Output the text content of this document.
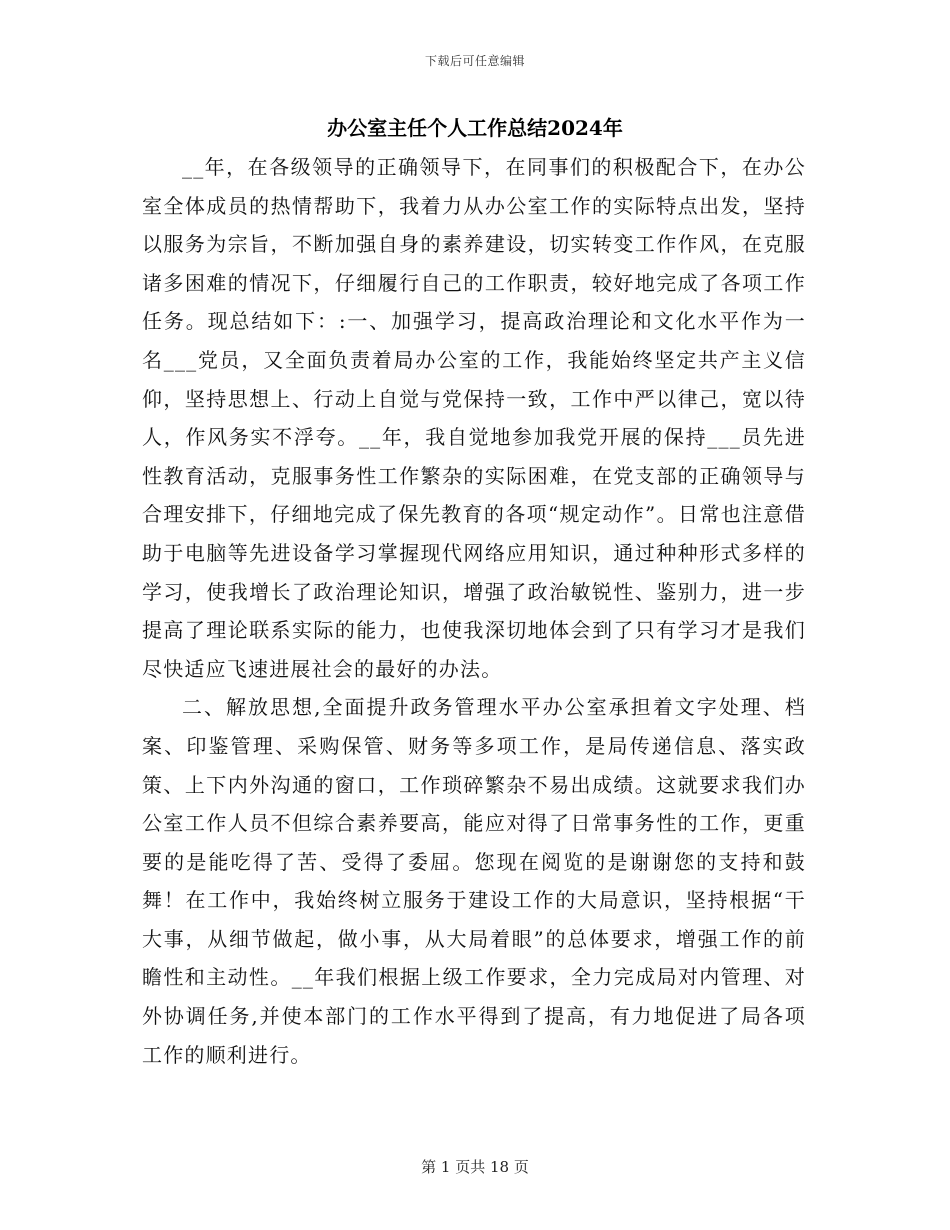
下载后可任意编辑
办公室主任个人工作总结2024年

__年，在各级领导的正确领导下，在同事们的积极配合下，在办公室全体成员的热情帮助下，我着力从办公室工作的实际特点出发，坚持以服务为宗旨，不断加强自身的素养建设，切实转变工作作风，在克服诸多困难的情况下，仔细履行自己的工作职责，较好地完成了各项工作任务。现总结如下：:一、加强学习，提高政治理论和文化水平作为一名___党员，又全面负责着局办公室的工作，我能始终坚定共产主义信仰，坚持思想上、行动上自觉与党保持一致，工作中严以律己，宽以待人，作风务实不浮夸。__年，我自觉地参加我党开展的保持___员先进性教育活动，克服事务性工作繁杂的实际困难，在党支部的正确领导与合理安排下，仔细地完成了保先教育的各项“规定动作”。日常也注意借助于电脑等先进设备学习掌握现代网络应用知识，通过种种形式多样的学习，使我增长了政治理论知识，增强了政治敏锐性、鉴别力，进一步提高了理论联系实际的能力，也使我深切地体会到了只有学习才是我们尽快适应飞速进展社会的最好的办法。

二、解放思想,全面提升政务管理水平办公室承担着文字处理、档案、印鉴管理、采购保管、财务等多项工作，是局传递信息、落实政策、上下内外沟通的窗口，工作琐碎繁杂不易出成绩。这就要求我们办公室工作人员不但综合素养要高，能应对得了日常事务性的工作，更重要的是能吃得了苦、受得了委屈。您现在阅览的是谢谢您的支持和鼓舞！在工作中，我始终树立服务于建设工作的大局意识，坚持根据“干大事，从细节做起，做小事，从大局着眼”的总体要求，增强工作的前瞻性和主动性。__年我们根据上级工作要求，全力完成局对内管理、对外协调任务,并使本部门的工作水平得到了提高，有力地促进了局各项工作的顺利进行。

第 1 页共 18 页
